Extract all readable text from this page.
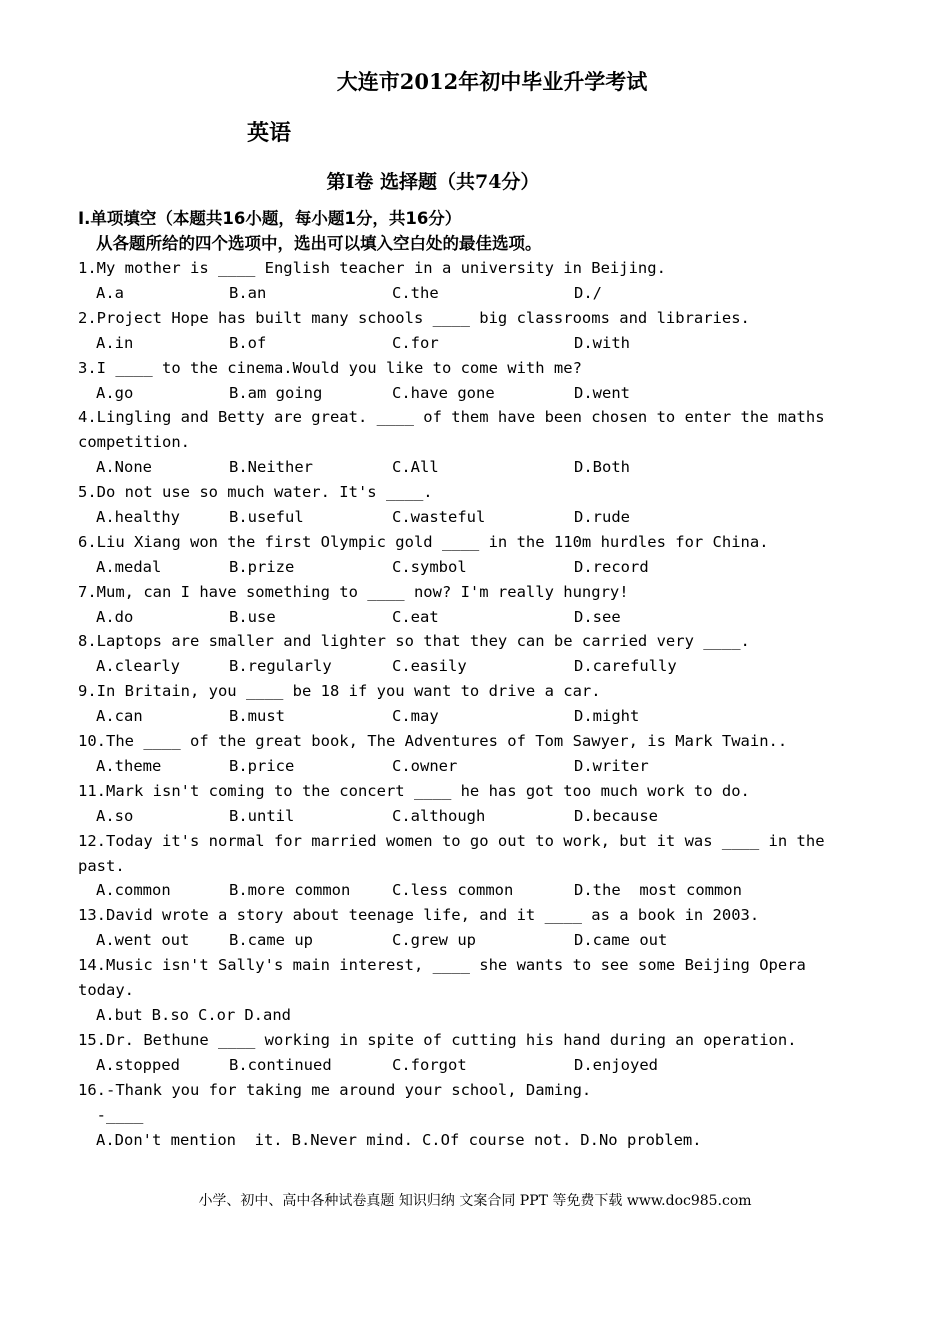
大连市2012年初中毕业升学考试
英语
第I卷 选择题（共74分）
I.单项填空（本题共16小题，每小题1分，共16分）
从各题所给的四个选项中，选出可以填入空白处的最佳选项。
1.My mother is ____ English teacher in a university in Beijing.
A.a	B.an	C.the	D./
2.Project Hope has built many schools ____ big classrooms and libraries.
A.in	B.of	C.for	D.with
3.I ____ to the cinema.Would you like to come with me?
A.go	B.am going	C.have gone	D.went
4.Lingling and Betty are great. ____ of them have been chosen to enter the maths
competition.
A.None	B.Neither	C.All	D.Both
5.Do not use so much water. It's ____.
A.healthy	B.useful	C.wasteful	D.rude
6.Liu Xiang won the first Olympic gold ____ in the 110m hurdles for China.
A.medal	B.prize	C.symbol	D.record
7.Mum, can I have something to ____ now? I'm really hungry!
A.do	B.use	C.eat	D.see
8.Laptops are smaller and lighter so that they can be carried very ____.
A.clearly	B.regularly	C.easily	D.carefully
9.In Britain, you ____ be 18 if you want to drive a car.
A.can	B.must	C.may	D.might
10.The ____ of the great book, The Adventures of Tom Sawyer, is Mark Twain..
A.theme	B.price	C.owner	D.writer
11.Mark isn't coming to the concert ____ he has got too much work to do.
A.so	B.until	C.although	D.because
12.Today it's normal for married women to go out to work, but it was ____ in the
past.
A.common	B.more common	C.less common	D.the  most common
13.David wrote a story about teenage life, and it ____ as a book in 2003.
A.went out	B.came up	C.grew up	D.came out
14.Music isn't Sally's main interest, ____ she wants to see some Beijing Opera
today.
A.but B.so C.or D.and
15.Dr. Bethune ____ working in spite of cutting his hand during an operation.
A.stopped	B.continued	C.forgot	D.enjoyed
16.-Thank you for taking me around your school, Daming.
-____
A.Don't mention  it. B.Never mind. C.Of course not. D.No problem.
小学、初中、高中各种试卷真题 知识归纳 文案合同 PPT 等免费下载 www.doc985.com
